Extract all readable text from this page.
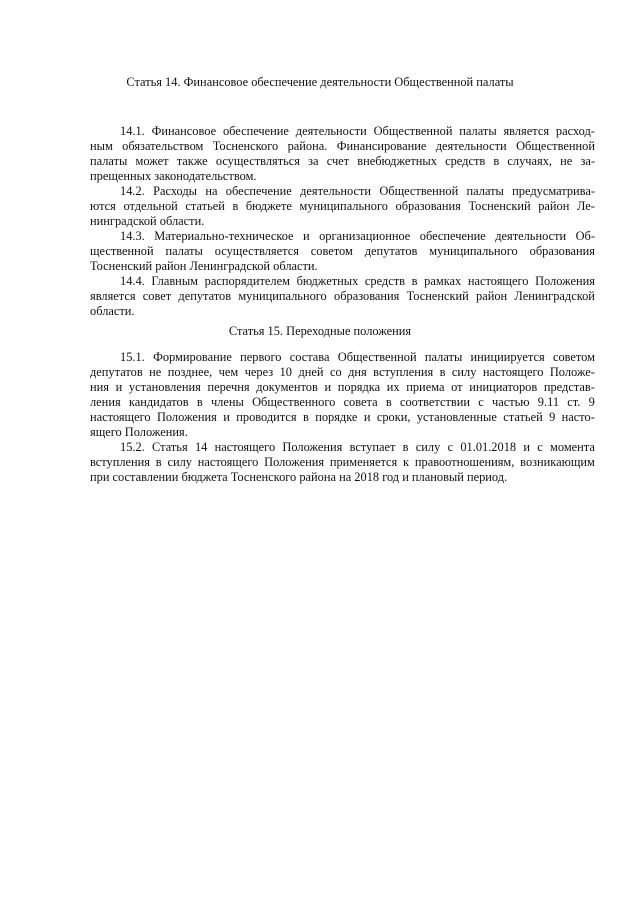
Статья 14. Финансовое обеспечение деятельности Общественной палаты
14.1. Финансовое обеспечение деятельности Общественной палаты является расход-
ным обязательством Тосненского района. Финансирование деятельности Общественной
палаты может также осуществляться за счет внебюджетных средств в случаях, не за-
прещенных законодательством.
14.2. Расходы на обеспечение деятельности Общественной палаты предусматрива-
ются отдельной статьей в бюджете муниципального образования Тосненский район Ле-
нинградской области.
14.3. Материально-техническое и организационное обеспечение деятельности Об-
щественной палаты осуществляется советом депутатов муниципального образования
Тосненский район Ленинградской области.
14.4. Главным распорядителем бюджетных средств в рамках настоящего Положения
является совет депутатов муниципального образования Тосненский район Ленинградской
области.
Статья 15. Переходные положения
15.1. Формирование первого состава Общественной палаты инициируется советом
депутатов не позднее, чем через 10 дней со дня вступления в силу настоящего Положе-
ния и установления перечня документов и порядка их приема от инициаторов представ-
ления кандидатов в члены Общественного совета в соответствии с частью 9.11 ст. 9
настоящего Положения и проводится в порядке и сроки, установленные статьей 9 насто-
ящего Положения.
15.2. Статья 14 настоящего Положения вступает в силу с 01.01.2018 и с момента
вступления в силу настоящего Положения применяется к правоотношениям, возникающим
при составлении бюджета Тосненского района на 2018 год и плановый период.
